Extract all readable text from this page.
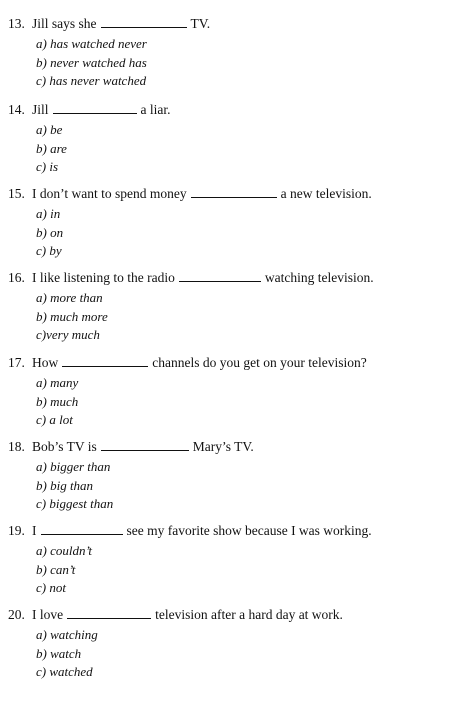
13. Jill says she	TV.
a) has watched never
b) never watched has
c) has never watched
14. Jill	a liar.
a) be
b) are
c) is
15. I don’t want to spend money	a new television.
a) in
b) on
c) by
16. I like listening to the radio	watching television.
a) more than
b) much more
c)very much
17. How	channels do you get on your television?
a) many
b) much
c) a lot
18. Bob’s TV is	Mary’s TV.
a) bigger than
b) big than
c) biggest than
19. I	see my favorite show because I was working.
a) couldn’t
b) can’t
c) not
20. I love	television after a hard day at work.
a) watching
b) watch
c) watched
